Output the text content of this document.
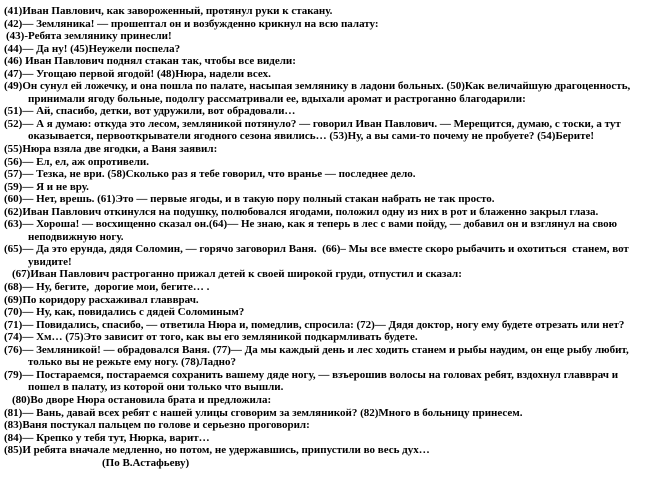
(41)Иван Павлович, как завороженный, протянул руки к стакану.
(42)— Земляника! — прошептал он и возбужденно крикнул на всю палату:
(43)-Ребята землянику принесли!
(44)— Да ну! (45)Неужели поспела?
(46) Иван Павлович поднял стакан так, чтобы все видели:
(47)— Угощаю первой ягодой! (48)Нюра, надели всех.
(49)Он сунул ей ложечку, и она пошла по палате, насыпая землянику в ладони больных. (50)Как величайшую драгоценность,
принимали ягоду больные, подолгу рассматривали ее, вдыхали аромат и растроганно благодарили:
(51)— Ай, спасибо, детки, вот удружили, вот обрадовали…
(52)— А я думаю: откуда это лесом, земляникой потянуло? — говорил Иван Павлович. — Мерещится, думаю, с тоски, а тут
оказывается, первооткрыватели ягодного сезона явились… (53)Ну, а вы сами-то почему не пробуете? (54)Берите!
(55)Нюра взяла две ягодки, а Ваня заявил:
(56)— Ел, ел, аж опротивели.
(57)— Тезка, не ври. (58)Сколько раз я тебе говорил, что вранье — последнее дело.
(59)— Я и не вру.
(60)— Нет, врешь. (61)Это — первые ягоды, и в такую пору полный стакан набрать не так просто.
(62)Иван Павлович откинулся на подушку, полюбовался ягодами, положил одну из них в рот и блаженно закрыл глаза.
(63)— Хороша! — восхищенно сказал он.(64)— Не знаю, как я теперь в лес с вами пойду, — добавил он и взглянул на свою
неподвижную ногу.
(65)— Да это ерунда, дядя Соломин, — горячо заговорил Ваня.  (66)– Мы все вместе скоро рыбачить и охотиться  станем, вот
увидите!
(67)Иван Павлович растроганно прижал детей к своей широкой груди, отпустил и сказал:
(68)— Ну, бегите,  дорогие мои, бегите… .
(69)По коридору расхаживал главврач.
(70)— Ну, как, повидались с дядей Соломиным?
(71)— Повидались, спасибо, — ответила Нюра и, помедлив, спросила: (72)— Дядя доктор, ногу ему будете отрезать или нет?
(74)— Хм… (75)Это зависит от того, как вы его земляникой подкармливать будете.
(76)— Земляникой! — обрадовался Ваня. (77)— Да мы каждый день и лес ходить станем и рыбы наудим, он еще рыбу любит,
только вы не режьте ему ногу. (78)Ладно?
(79)— Постараемся, постараемся сохранить вашему дяде ногу, — взъерошив волосы на головах ребят, вздохнул главврач и
пошел в палату, из которой они только что вышли.
(80)Во дворе Нюра остановила брата и предложила:
(81)— Вань, давай всех ребят с нашей улицы сговорим за земляникой? (82)Много в больницу принесем.
(83)Ваня постукал пальцем по голове и серьезно проговорил:
(84)— Крепко у тебя тут, Нюрка, варит…
(85)И ребята вначале медленно, но потом, не удержавшись, припустили во весь дух…
(По В.Астафьеву)
